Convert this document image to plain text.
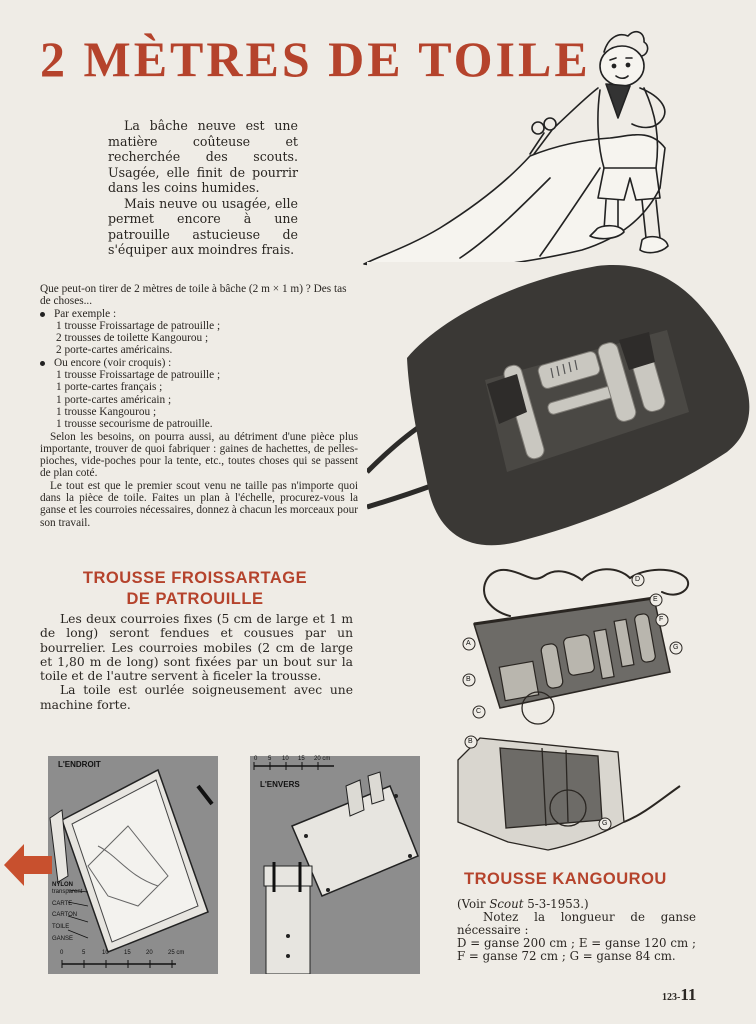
2 MÈTRES DE TOILE

La bâche neuve est une matière coûteuse et recherchée des scouts. Usagée, elle finit de pourrir dans les coins humides.

Mais neuve ou usagée, elle permet encore à une patrouille astucieuse de s'équiper aux moindres frais.

Que peut-on tirer de 2 mètres de toile à bâche (2 m × 1 m) ? Des tas de choses...

Par exemple :

1 trousse Froissartage de patrouille ;
2 trousses de toilette Kangourou ;
2 porte-cartes américains.

Ou encore (voir croquis) :

1 trousse Froissartage de patrouille ;
1 porte-cartes français ;
1 porte-cartes américain ;
1 trousse Kangourou ;
1 trousse secourisme de patrouille.

Selon les besoins, on pourra aussi, au détriment d'une pièce plus importante, trouver de quoi fabriquer : gaines de hachettes, de pelles-pioches, vide-poches pour la tente, etc., toutes choses qui se passent de plan coté.

Le tout est que le premier scout venu ne taille pas n'importe quoi dans la pièce de toile. Faites un plan à l'échelle, procurez-vous la ganse et les courroies nécessaires, donnez à chacun les morceaux pour son travail.

TROUSSE FROISSARTAGE
DE PATROUILLE

Les deux courroies fixes (5 cm de large et 1 m de long) seront fendues et cousues par un bourrelier. Les courroies mobiles (2 cm de large et 1,80 m de long) sont fixées par un bout sur la toile et de l'autre servent à ficeler la trousse.

La toile est ourlée soigneusement avec une machine forte.

A
B
C
D
E
F
G
B
G
L'ENDROIT
NYLON
transparent
CARTE
CARTON
TOILE
GANSE
0	5	10	15	20	25 cm
0 5 10 15 20 cm
L'ENVERS
TROUSSE KANGOUROU

(Voir Scout 5-3-1953.)

Notez la longueur de ganse nécessaire :

D = ganse 200 cm ; E = ganse 120 cm ; F = ganse 72 cm ; G = ganse 84 cm.

123-11
